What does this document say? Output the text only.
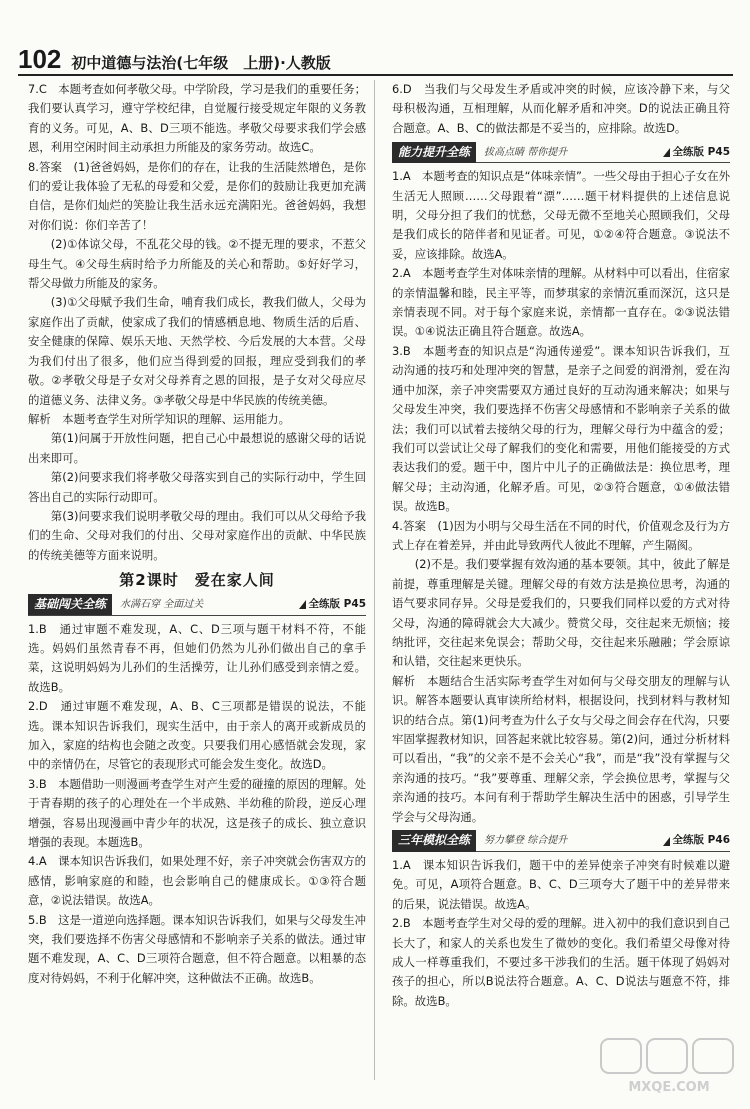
102 初中道德与法治(七年级　上册)·人教版

7.C　本题考查如何孝敬父母。中学阶段，学习是我们的重要任务；我们要认真学习，遵守学校纪律，自觉履行接受规定年限的义务教育的义务。可见，A、B、D三项不能选。孝敬父母要求我们学会感恩，利用空闲时间主动承担力所能及的家务劳动。故选C。

8.答案　(1)爸爸妈妈，是你们的存在，让我的生活陡然增色，是你们的爱让我体验了无私的母爱和父爱，是你们的鼓励让我更加充满自信，是你们灿烂的笑脸让我生活永远充满阳光。爸爸妈妈，我想对你们说：你们辛苦了！

(2)①体谅父母，不乱花父母的钱。②不提无理的要求，不惹父母生气。④父母生病时给予力所能及的关心和帮助。⑤好好学习，帮父母做力所能及的家务。

(3)①父母赋予我们生命，哺育我们成长，教我们做人，父母为家庭作出了贡献，使家成了我们的情感栖息地、物质生活的后盾、安全健康的保障、娱乐天地、天然学校、今后发展的大本营。父母为我们付出了很多，他们应当得到爱的回报，理应受到我们的孝敬。②孝敬父母是子女对父母养育之恩的回报，是子女对父母应尽的道德义务、法律义务。③孝敬父母是中华民族的传统美德。

解析　本题考查学生对所学知识的理解、运用能力。

第(1)问属于开放性问题，把自己心中最想说的感谢父母的话说出来即可。

第(2)问要求我们将孝敬父母落实到自己的实际行动中，学生回答出自己的实际行动即可。

第(3)问要求我们说明孝敬父母的理由。我们可以从父母给予我们的生命、父母对我们的付出、父母对家庭作出的贡献、中华民族的传统美德等方面来说明。

第2课时　爱在家人间
基础闯关全练	水满石穿 全面过关	全练版 P45

1.B　通过审题不难发现，A、C、D三项与题干材料不符，不能选。妈妈们虽然青春不再，但她们仍然为儿孙们做出自己的拿手菜，这说明妈妈为儿孙们的生活操劳，让儿孙们感受到亲情之爱。故选B。

2.D　通过审题不难发现，A、B、C三项都是错误的说法，不能选。课本知识告诉我们，现实生活中，由于亲人的离开或新成员的加入，家庭的结构也会随之改变。只要我们用心感悟就会发现，家中的亲情仍在，尽管它的表现形式可能会发生变化。故选D。

3.B　本题借助一则漫画考查学生对产生爱的碰撞的原因的理解。处于青春期的孩子的心理处在一个半成熟、半幼稚的阶段，逆反心理增强，容易出现漫画中青少年的状况，这是孩子的成长、独立意识增强的表现。本题选B。

4.A　课本知识告诉我们，如果处理不好，亲子冲突就会伤害双方的感情，影响家庭的和睦，也会影响自己的健康成长。①③符合题意，②说法错误。故选A。

5.B　这是一道逆向选择题。课本知识告诉我们，如果与父母发生冲突，我们要选择不伤害父母感情和不影响亲子关系的做法。通过审题不难发现，A、C、D三项符合题意，但不符合题意。以粗暴的态度对待妈妈，不利于化解冲突，这种做法不正确。故选B。

6.D　当我们与父母发生矛盾或冲突的时候，应该冷静下来，与父母积极沟通，互相理解，从而化解矛盾和冲突。D的说法正确且符合题意。A、B、C的做法都是不妥当的，应排除。故选D。

能力提升全练	拔高点睛 帮你提升	全练版 P45

1.A　本题考查的知识点是“体味亲情”。一些父母由于担心子女在外生活无人照顾……父母跟着“漂”……题干材料提供的上述信息说明，父母分担了我们的忧愁，父母无微不至地关心照顾我们，父母是我们成长的陪伴者和见证者。可见，①②④符合题意。③说法不妥，应该排除。故选A。

2.A　本题考查学生对体味亲情的理解。从材料中可以看出，住宿家的亲情温馨和睦，民主平等，而梦琪家的亲情沉重而深沉，这只是亲情表现不同。对于每个家庭来说，亲情都一直存在。②③说法错误。①④说法正确且符合题意。故选A。

3.B　本题考查的知识点是“沟通传递爱”。课本知识告诉我们，互动沟通的技巧和处理冲突的智慧，是亲子之间爱的润滑剂，爱在沟通中加深，亲子冲突需要双方通过良好的互动沟通来解决；如果与父母发生冲突，我们要选择不伤害父母感情和不影响亲子关系的做法；我们可以试着去接纳父母的行为，理解父母行为中蕴含的爱；我们可以尝试让父母了解我们的变化和需要，用他们能接受的方式表达我们的爱。题干中，图片中儿子的正确做法是：换位思考，理解父母；主动沟通，化解矛盾。可见，②③符合题意，①④做法错误。故选B。

4.答案　(1)因为小明与父母生活在不同的时代，价值观念及行为方式上存在着差异，并由此导致两代人彼此不理解，产生隔阂。

(2)不是。我们要掌握有效沟通的基本要领。其中，彼此了解是前提，尊重理解是关键。理解父母的有效方法是换位思考，沟通的语气要求同存异。父母是爱我们的，只要我们同样以爱的方式对待父母，沟通的障碍就会大大减少。赞赏父母，交往起来无烦恼；接纳批评，交往起来免误会；帮助父母，交往起来乐融融；学会原谅和认错，交往起来更快乐。

解析　本题结合生活实际考查学生对如何与父母交朋友的理解与认识。解答本题要认真审读所给材料，根据设问，找到材料与教材知识的结合点。第(1)问考查为什么子女与父母之间会存在代沟，只要牢固掌握教材知识，回答起来就比较容易。第(2)问，通过分析材料可以看出，“我”的父亲不是不会关心“我”，而是“我”没有掌握与父亲沟通的技巧。“我”要尊重、理解父亲，学会换位思考，掌握与父亲沟通的技巧。本问有利于帮助学生解决生活中的困惑，引导学生学会与父母沟通。

三年模拟全练	努力攀登 综合提升	全练版 P46

1.A　课本知识告诉我们，题干中的差异使亲子冲突有时候难以避免。可见，A项符合题意。B、C、D三项夸大了题干中的差异带来的后果，说法错误。故选A。

2.B　本题考查学生对父母的爱的理解。进入初中的我们意识到自己长大了，和家人的关系也发生了微妙的变化。我们希望父母像对待成人一样尊重我们，不要过多干涉我们的生活。题干体现了妈妈对孩子的担心，所以B说法符合题意。A、C、D说法与题意不符，排除。故选B。

MXQE.COM
